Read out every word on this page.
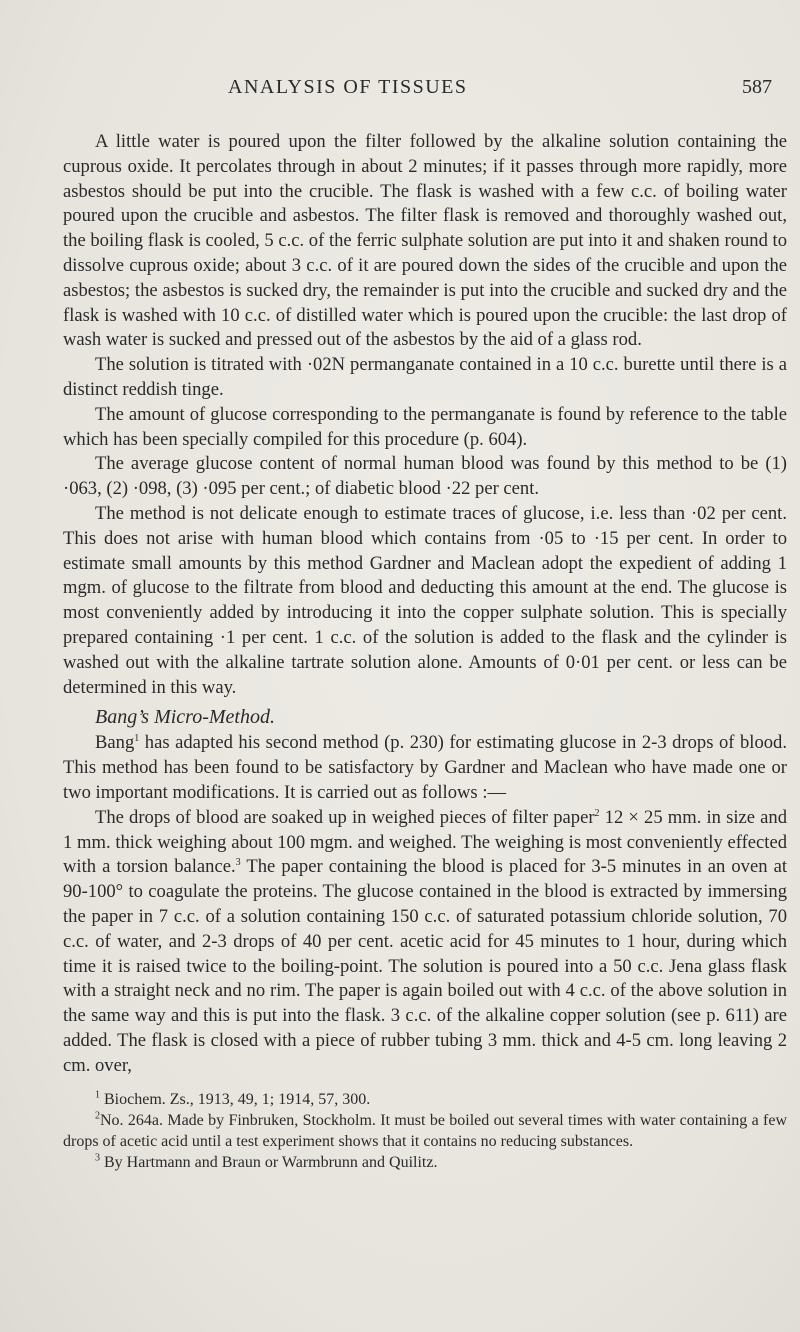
ANALYSIS OF TISSUES	587

A little water is poured upon the filter followed by the alkaline solution containing the cuprous oxide. It percolates through in about 2 minutes; if it passes through more rapidly, more asbestos should be put into the crucible. The flask is washed with a few c.c. of boiling water poured upon the crucible and asbestos. The filter flask is removed and thoroughly washed out, the boiling flask is cooled, 5 c.c. of the ferric sulphate solution are put into it and shaken round to dissolve cuprous oxide; about 3 c.c. of it are poured down the sides of the crucible and upon the asbestos; the asbestos is sucked dry, the remainder is put into the crucible and sucked dry and the flask is washed with 10 c.c. of distilled water which is poured upon the crucible: the last drop of wash water is sucked and pressed out of the asbestos by the aid of a glass rod.

The solution is titrated with ·02N permanganate contained in a 10 c.c. burette until there is a distinct reddish tinge.

The amount of glucose corresponding to the permanganate is found by reference to the table which has been specially compiled for this procedure (p. 604).

The average glucose content of normal human blood was found by this method to be (1) ·063, (2) ·098, (3) ·095 per cent.; of diabetic blood ·22 per cent.

The method is not delicate enough to estimate traces of glucose, i.e. less than ·02 per cent. This does not arise with human blood which contains from ·05 to ·15 per cent. In order to estimate small amounts by this method Gardner and Maclean adopt the expedient of adding 1 mgm. of glucose to the filtrate from blood and deducting this amount at the end. The glucose is most conveniently added by introducing it into the copper sulphate solution. This is specially prepared containing ·1 per cent. 1 c.c. of the solution is added to the flask and the cylinder is washed out with the alkaline tartrate solution alone. Amounts of 0·01 per cent. or less can be determined in this way.

Bang’s Micro-Method.

Bang$^1$ has adapted his second method (p. 230) for estimating glucose in 2-3 drops of blood. This method has been found to be satisfactory by Gardner and Maclean who have made one or two important modifications. It is carried out as follows :—

The drops of blood are soaked up in weighed pieces of filter paper$^2$ 12 × 25 mm. in size and 1 mm. thick weighing about 100 mgm. and weighed. The weighing is most conveniently effected with a torsion balance.$^3$ The paper containing the blood is placed for 3-5 minutes in an oven at 90-100° to coagulate the proteins. The glucose contained in the blood is extracted by immersing the paper in 7 c.c. of a solution containing 150 c.c. of saturated potassium chloride solution, 70 c.c. of water, and 2-3 drops of 40 per cent. acetic acid for 45 minutes to 1 hour, during which time it is raised twice to the boiling-point. The solution is poured into a 50 c.c. Jena glass flask with a straight neck and no rim. The paper is again boiled out with 4 c.c. of the above solution in the same way and this is put into the flask. 3 c.c. of the alkaline copper solution (see p. 611) are added. The flask is closed with a piece of rubber tubing 3 mm. thick and 4-5 cm. long leaving 2 cm. over,

$^1$ Biochem. Zs., 1913, 49, 1; 1914, 57, 300.

$^2$No. 264a. Made by Finbruken, Stockholm. It must be boiled out several times with water containing a few drops of acetic acid until a test experiment shows that it contains no reducing substances.

$^3$ By Hartmann and Braun or Warmbrunn and Quilitz.
